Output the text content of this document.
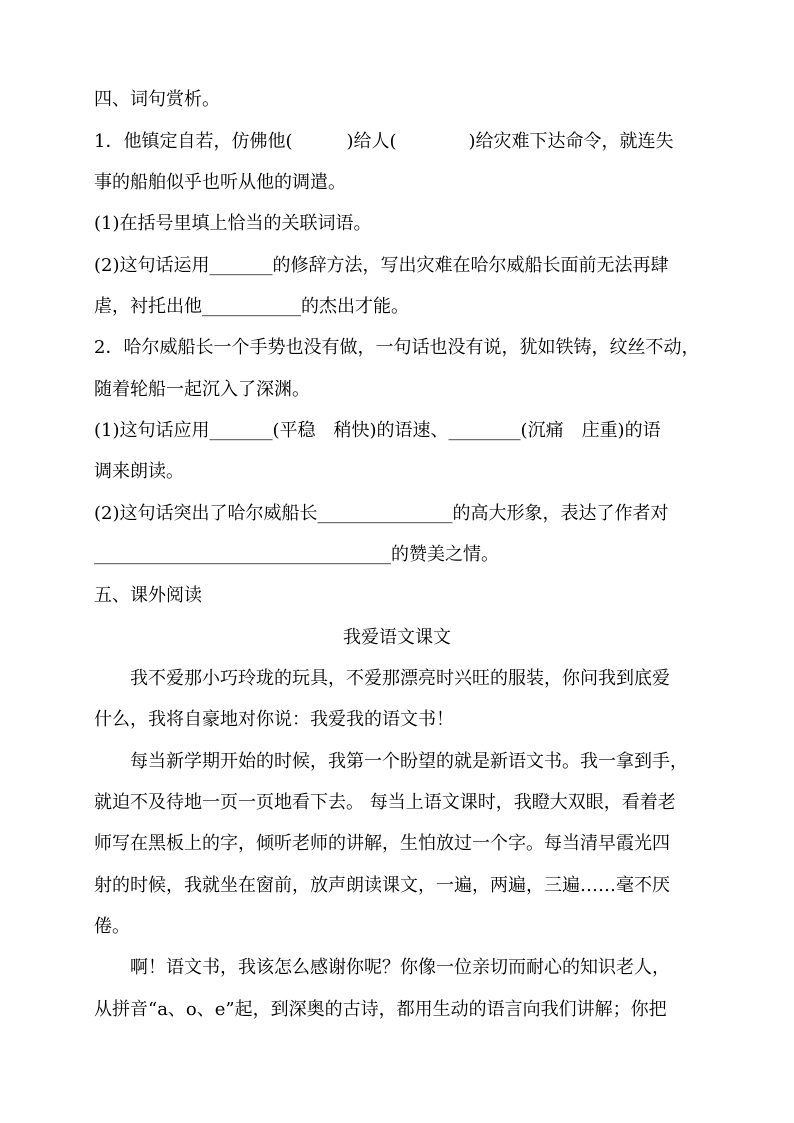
四、词句赏析。
1．他镇定自若，仿佛他(　　　)给人(　　　　)给灾难下达命令，就连失
事的船舶似乎也听从他的调遣。
(1)在括号里填上恰当的关联词语。
(2)这句话运用_______的修辞方法，写出灾难在哈尔威船长面前无法再肆
虐，衬托出他___________的杰出才能。
2．哈尔威船长一个手势也没有做，一句话也没有说，犹如铁铸，纹丝不动，
随着轮船一起沉入了深渊。
(1)这句话应用_______(平稳　稍快)的语速、________(沉痛　庄重)的语
调来朗读。
(2)这句话突出了哈尔威船长_______________的高大形象，表达了作者对
_________________________________的赞美之情。
五、课外阅读
我爱语文课文
　　我不爱那小巧玲珑的玩具，不爱那漂亮时兴旺的服装，你问我到底爱
什么，我将自豪地对你说：我爱我的语文书！
　　每当新学期开始的时候，我第一个盼望的就是新语文书。我一拿到手，
就迫不及待地一页一页地看下去。 每当上语文课时，我瞪大双眼，看着老
师写在黑板上的字，倾听老师的讲解，生怕放过一个字。每当清早霞光四
射的时候，我就坐在窗前，放声朗读课文，一遍，两遍，三遍……毫不厌
倦。
　　啊！语文书，我该怎么感谢你呢？你像一位亲切而耐心的知识老人，
从拼音“a、o、e”起，到深奥的古诗，都用生动的语言向我们讲解；你把
